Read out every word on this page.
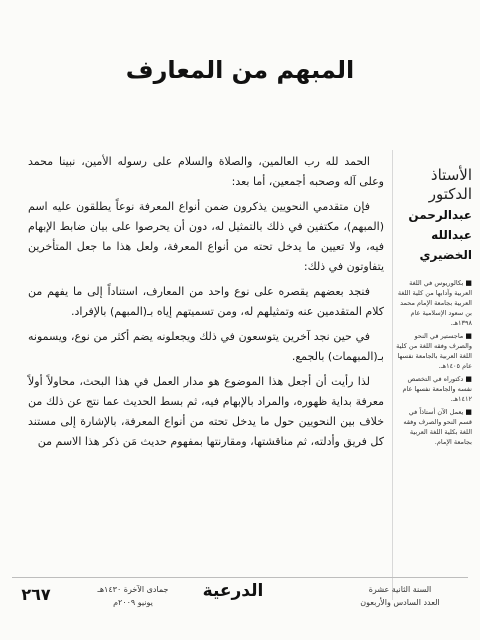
المبهم من المعارف
الأستاذ
الدكتور
عبدالرحمن
عبدالله
الخضيري
■ بكالوريوس في اللغة العربية وآدابها من كلية اللغة العربية بجامعة الإمام محمد بن سعود الإسلامية عام ١٣٩٨هـ.
■ ماجستير في النحو والصرف وفقه اللغة من كلية اللغة العربية بالجامعة نفسها عام ١٤٠٥هـ.
■ دكتوراه في التخصص نفسه والجامعة نفسها عام ١٤١٢هـ.
■ يعمل الآن أستاذاً في قسم النحو والصرف وفقه اللغة بكلية اللغة العربية بجامعة الإمام.

الحمد لله رب العالمين، والصلاة والسلام على رسوله الأمين، نبينا محمد وعلى آله وصحبه أجمعين، أما بعد:

فإن متقدمي النحويين يذكرون ضمن أنواع المعرفة نوعاً يطلقون عليه اسم (المبهم)، مكتفين في ذلك بالتمثيل له، دون أن يحرصوا على بيان ضابط الإبهام فيه، ولا تعيين ما يدخل تحته من أنواع المعرفة، ولعل هذا ما جعل المتأخرين يتفاوتون في ذلك:

فنجد بعضهم يقصره على نوع واحد من المعارف، استناداً إلى ما يفهم من كلام المتقدمين عنه وتمثيلهم له، ومن تسميتهم إياه بـ(المبهم) بالإفراد.

في حين نجد آخرين يتوسعون في ذلك ويجعلونه يضم أكثر من نوع، ويسمونه بـ(المبهمات) بالجمع.

لذا رأيت أن أجعل هذا الموضوع هو مدار العمل في هذا البحث، محاولاً أولاً معرفة بداية ظهوره، والمراد بالإبهام فيه، ثم بسط الحديث عما نتج عن ذلك من خلاف بين النحويين حول ما يدخل تحته من أنواع المعرفة، بالإشارة إلى مستند كل فريق وأدلته، ثم مناقشتها، ومقارنتها بمفهوم حديث مَن ذكر هذا الاسم من

السنة الثانية عشرة
العدد السادس والأربعون
الدرعية
جمادى الآخرة ١٤٣٠هـ
يونيو ٢٠٠٩م
٢٦٧
